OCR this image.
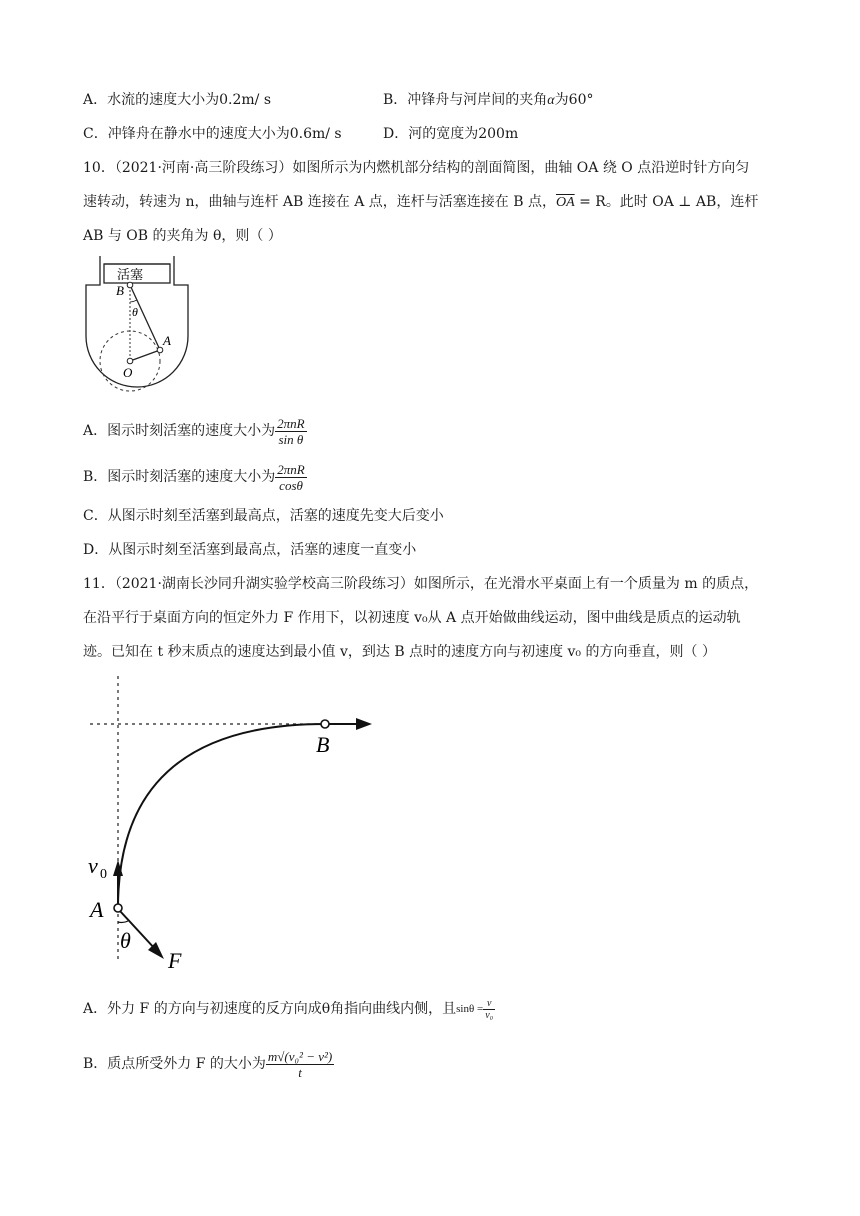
A．水流的速度大小为0.2m/ s	B．冲锋舟与河岸间的夹角α为60°
C．冲锋舟在静水中的速度大小为0.6m/ s	D．河的宽度为200m
10．（2021·河南·高三阶段练习）如图所示为内燃机部分结构的剖面简图，曲轴 OA 绕 O 点沿逆时针方向匀
速转动，转速为 n，曲轴与连杆 AB 连接在 A 点，连杆与活塞连接在 B 点，$\overline{OA} = R$。此时 OA ⊥ AB，连杆
AB 与 OB 的夹角为 θ，则（ ）
活塞
B
θ
A
O
A．图示时刻活塞的速度大小为 $\frac{\text{2πnR}}{\text{sin θ}}$
B．图示时刻活塞的速度大小为 $\frac{\text{2πnR}}{\cos\theta}$
C．从图示时刻至活塞到最高点，活塞的速度先变大后变小
D．从图示时刻至活塞到最高点，活塞的速度一直变小
11．（2021·湖南长沙同升湖实验学校高三阶段练习）如图所示，在光滑水平桌面上有一个质量为 m 的质点，
在沿平行于桌面方向的恒定外力 F 作用下，以初速度 v₀从 A 点开始做曲线运动，图中曲线是质点的运动轨
迹。已知在 t 秒末质点的速度达到最小值 v，到达 B 点时的速度方向与初速度 v₀ 的方向垂直，则（ ）
B
v 0
A
θ
F
A．外力 F 的方向与初速度的反方向成θ角指向曲线内侧，且$\sin\theta = \frac{v}{\text{v₀}}$
B．质点所受外力 F 的大小为 $\frac{\text{m√(v₀² − v²)}}{t}$
